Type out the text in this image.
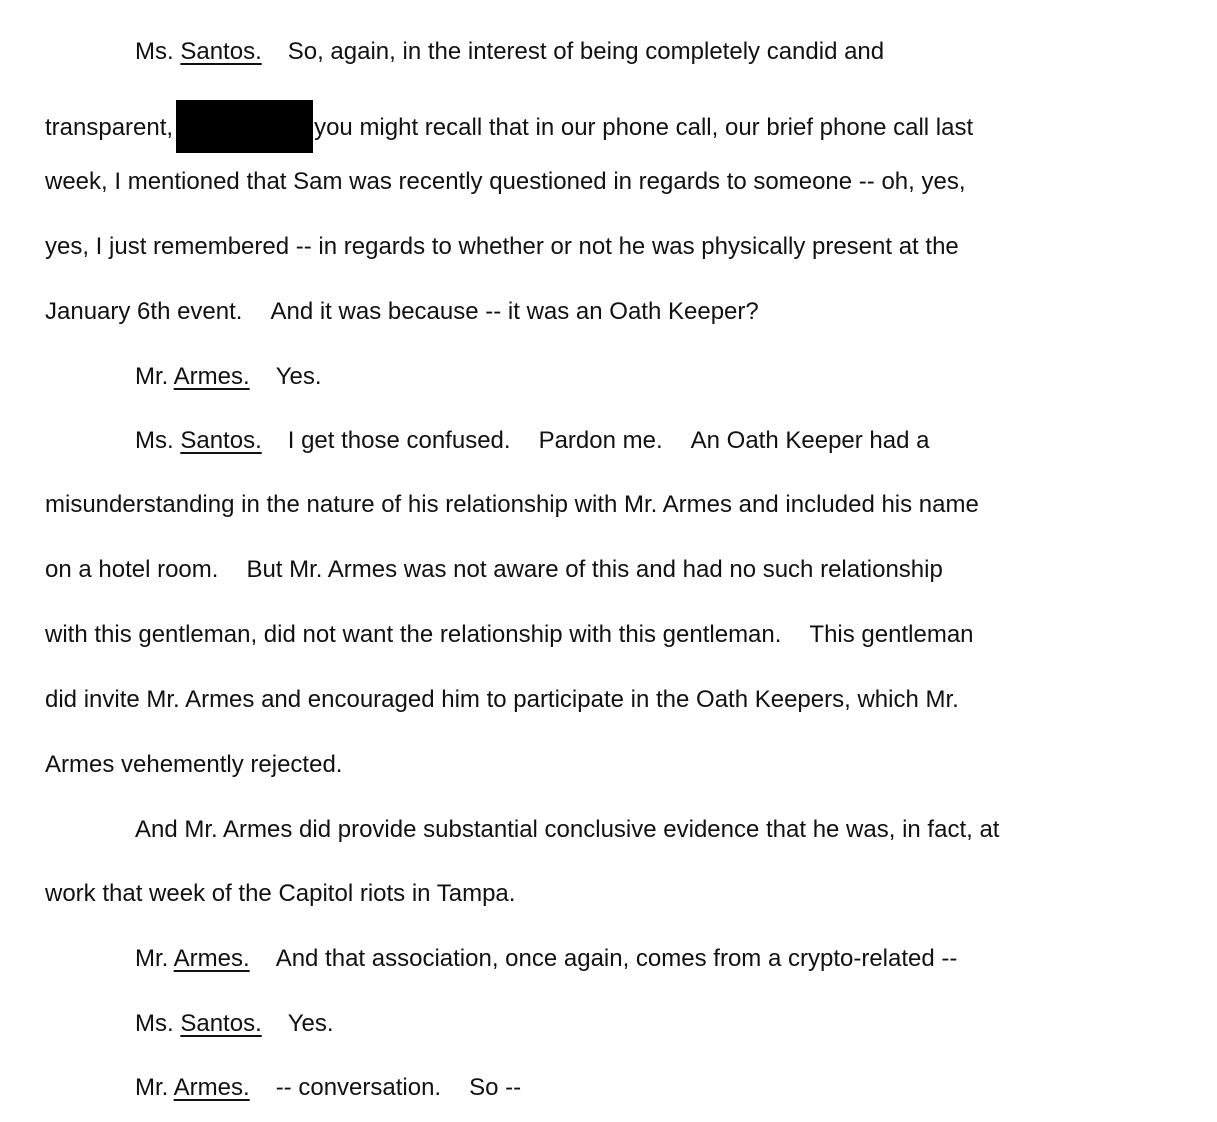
Ms. Santos. So, again, in the interest of being completely candid and
transparent,	you might recall that in our phone call, our brief phone call last
week, I mentioned that Sam was recently questioned in regards to someone -- oh, yes,
yes, I just remembered -- in regards to whether or not he was physically present at the
January 6th event. And it was because -- it was an Oath Keeper?
Mr. Armes. Yes.
Ms. Santos. I get those confused. Pardon me. An Oath Keeper had a
misunderstanding in the nature of his relationship with Mr. Armes and included his name
on a hotel room. But Mr. Armes was not aware of this and had no such relationship
with this gentleman, did not want the relationship with this gentleman. This gentleman
did invite Mr. Armes and encouraged him to participate in the Oath Keepers, which Mr.
Armes vehemently rejected.
And Mr. Armes did provide substantial conclusive evidence that he was, in fact, at
work that week of the Capitol riots in Tampa.
Mr. Armes. And that association, once again, comes from a crypto-related --
Ms. Santos. Yes.
Mr. Armes. -- conversation. So --
